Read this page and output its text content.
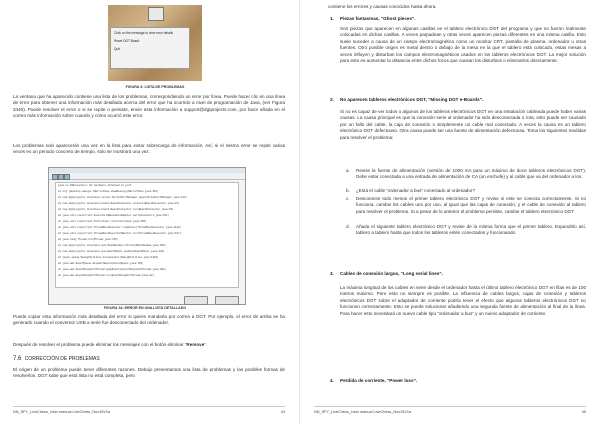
Click on the message to view error details
Reset DGT Board
Quit
FIGURA 3: LISTA DE PROBLEMAS

La ventana que ha aparecido contiene una lista de los problemas, correspondiendo un error por línea. Puede hacer clic en una línea de error para obtener una información más detallada acerca del error que ha ocurrido a nivel de programación de Java, (ver Figura 3440). Puede resolver el error o si se repite o persiste, envíe esta información a support@dgtprojects.com, por favor añada en el correo más información sobre cuando y cómo ocurrió este error.

Los problemas solo aparecerán una vez en la lista para evitar sobrecarga de información. Así, si el mismo error se repite varias veces en un periodo concreto de tiempo, solo se mostrará una vez.

java.io.IOException: No hardware attached to port
at org.jdesktop.swingx.JXErrorPane.showDialog(JXErrorPane.java:416)
at com.dgtprojects.livechess.serial.SerialPortManager.open(SerialPortManager.java:112)
at com.dgtprojects.livechess.board.BoardConnector.connect(BoardConnector.java:87)
at com.dgtprojects.livechess.board.BoardConnector.run(BoardConnector.java:63)
at java.util.concurrent.Executors$RunnableAdapter.call(Executors.java:511)
at java.util.concurrent.FutureTask.run(FutureTask.java:266)
at java.util.concurrent.ThreadPoolExecutor.runWorker(ThreadPoolExecutor.java:1142)
at java.util.concurrent.ThreadPoolExecutor$Worker.run(ThreadPoolExecutor.java:617)
at java.lang.Thread.run(Thread.java:745)
at com.dgtprojects.livechess.gui.MainWindow.refresh(MainWindow.java:205)
at com.dgtprojects.livechess.gui.BoardPanel.update(BoardPanel.java:144)
at javax.swing.SwingUtilities.invokeLater(SwingUtilities.java:1323)
at java.awt.EventQueue.dispatchEvent(EventQueue.java:726)
at java.awt.EventDispatchThread.pumpEvents(EventDispatchThread.java:201)
at java.awt.EventDispatchThread.run(EventDispatchThread.java:82)

FIGURA 34: ERROR EN UNA LISTA DETALLADO

Puede copiar esta información más detallada del error si quiere mandarla por correo a DGT. Por ejemplo, el error de arriba se ha generado cuando el conversor USB a serie fue desconectado del ordenador.

Después de resolver el problema puede eliminar los mensajes con el botón eliminar “Remove”.

7.6 CORRECCIÓN DE PROBLEMAS

El origen de un problema puede tener diferentes razones. Debajo presentamos una lista de problemas y las posibles formas de resolverlos. DGT sabe que está lista no está completa, pero

NN_SFY_LiveChess_User manual LiveChess_Nov15V1a	44

contiene los errores y causas conocidos hasta ahora.

1. Piezas fantasmas, “Ghost pieces”.

Son piezas que aparecen en algunas casillas en el tablero electrónico DGT del programa y que no fueron realmente colocadas en dichas casillas. A veces parpadean y otras veces aparecen piezas diferentes en una misma casilla. Esto suele suceder a causa de un campo electromagnético como un monitor CRT, pantalla de plasma, ordenador u otras fuentes. Otro posible origen es metal dentro o debajo de la mesa en la que el tablero está colocado, estas mesas a veces influyen y disturban los campos electromagnéticos usados en los tableros electrónicos DGT. La mejor solución para esto es aumentar la distancia entre dichos focos que causan los disturbios o eliminarlos directamente.

2. No aparecen tableros electrónicos DGT, “Missing DGT e-Boards”.

Si no es capaz de ver todos o algunos de los tableros electrónicos DGT en una instalación cableada puede haber varias causas. La causa principal es que la conexión serie al ordenador ha sido desconectada o rota, esto puede ser causado por un fallo del cable, la caja de conexión o simplemente un cable mal conectado. A veces la causa es un tablero electrónico DGT defectuoso. Otra causa puede ser una fuente de alimentación defectuosa. Toma los siguientes medidas para resolver el problema:

a. Revise la fuente de alimentación (versión de 1000 mA para un máximo de doce tableros electrónicos DGT). Debe estar conectada a una entrada de alimentación de CA (un enchufe) y al cable que va del ordenador a los.

b. ¿Está el cable “ordenador a bus” conectado al ordenador?

c. Desconecte todo menos el primer tablero electrónico DGT y revise si este se conecta correctamente. Si no funciona, cambie los cables uno por uno, al igual que las cajas de conexión, y el cable de conexión al tablero para resolver el problema. Si a pesar de lo anterior el problema persiste, cambie el tablero electrónico DGT.

d. Añada el siguiente tablero electrónico DGT y revise de la misma forma que el primer tablero. Expandirlo así, tablero a tablero hasta que todos los tableros estén conectados y funcionando.

3. Cables de conexión largos, “Long serial lines”.

La máxima longitud de los cables en serie desde el ordenador hasta el último tablero electrónico DGT en filas es de 100 metros máximo. Pero esto no siempre es posible. La influencia de cables largos, cajas de conexión y tableros electrónicos DGT sobre el adaptador de corriente podría tener el efecto que algunos tableros electrónicos DGT no funcionen correctamente. Esto se puede solucionar añadiendo una segunda fuente de alimentación al final de la línea. Para hacer esto necesitará un nuevo cable tipo “ordenador a bus” y un nuevo adaptador de corriente.

4. Perdida de corriente, “Power loss”.
NN_SFY_LiveChess_User manual LiveChess_Nov15V1a	45
